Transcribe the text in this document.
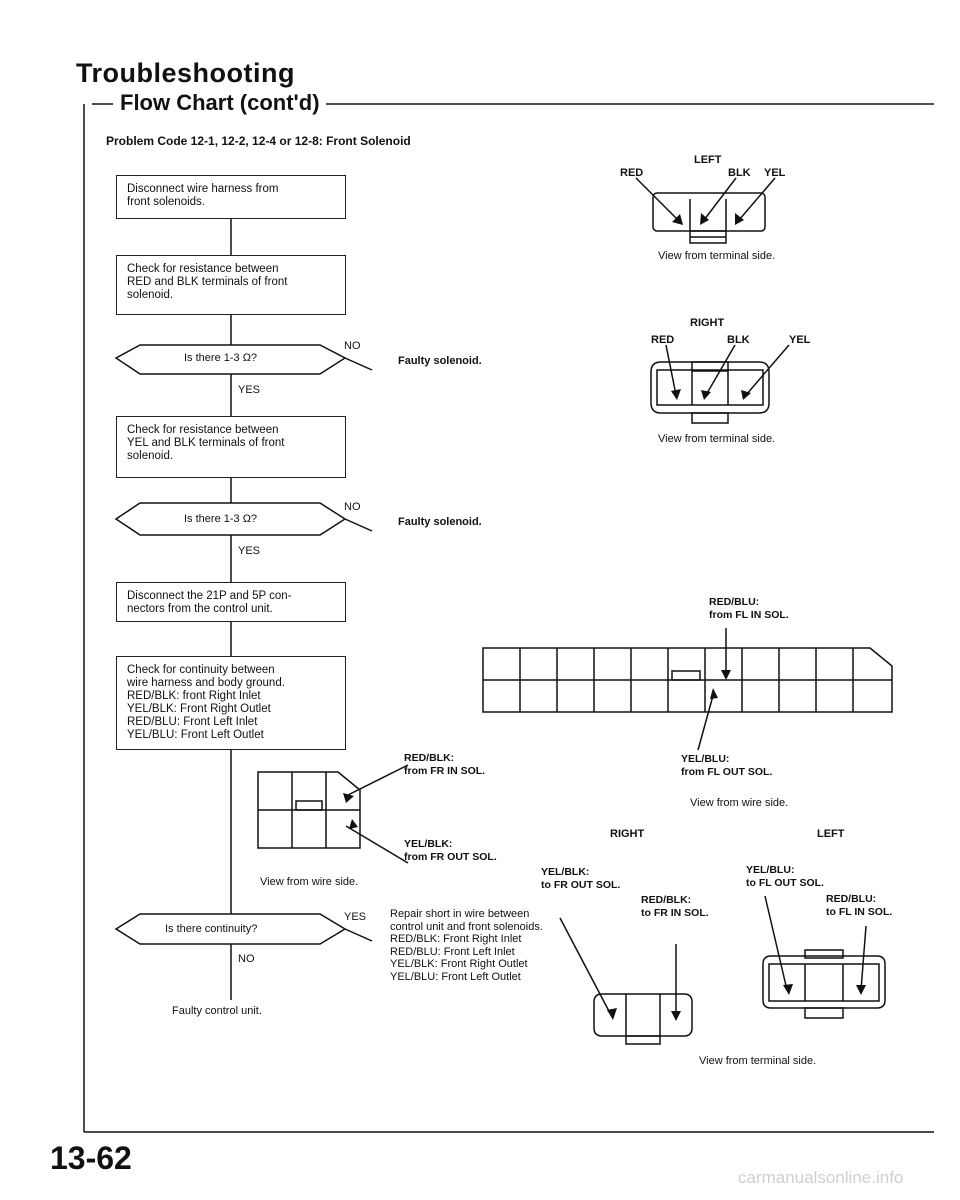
Troubleshooting
Flow Chart (cont'd)
Problem Code 12-1, 12-2, 12-4 or 12-8: Front Solenoid
Disconnect wire harness from
front solenoids.
Check for resistance between
RED and BLK terminals of front
solenoid.
Is there 1-3 Ω?
NO
Faulty solenoid.
YES
Check for resistance between
YEL and BLK terminals of front
solenoid.
Is there 1-3 Ω?
NO
Faulty solenoid.
YES
Disconnect the 21P and 5P con-
nectors from the control unit.
Check for continuity between
wire harness and body ground.
RED/BLK: front Right Inlet
YEL/BLK: Front Right Outlet
RED/BLU: Front Left Inlet
YEL/BLU: Front Left Outlet
Is there continuity?
YES Repair short in wire between
control unit and front solenoids.
RED/BLK: Front Right Inlet
RED/BLU: Front Left Inlet
YEL/BLK: Front Right Outlet
YEL/BLU: Front Left Outlet
NO
Faulty control unit.
LEFT
RED	BLK YEL
View from terminal side.
RIGHT
RED	BLK	YEL
View from terminal side.
RED/BLU:
from FL IN SOL.
YEL/BLU:
from FL OUT SOL.
View from wire side.
RED/BLK:
from FR IN SOL.
YEL/BLK:
from FR OUT SOL.
View from wire side.
RIGHT	LEFT
YEL/BLK:
to FR OUT SOL.
RED/BLK:
to FR IN SOL.
YEL/BLU:
to FL OUT SOL.
RED/BLU:
to FL IN SOL.
View from terminal side.
13-62
carmanualsonline.info
